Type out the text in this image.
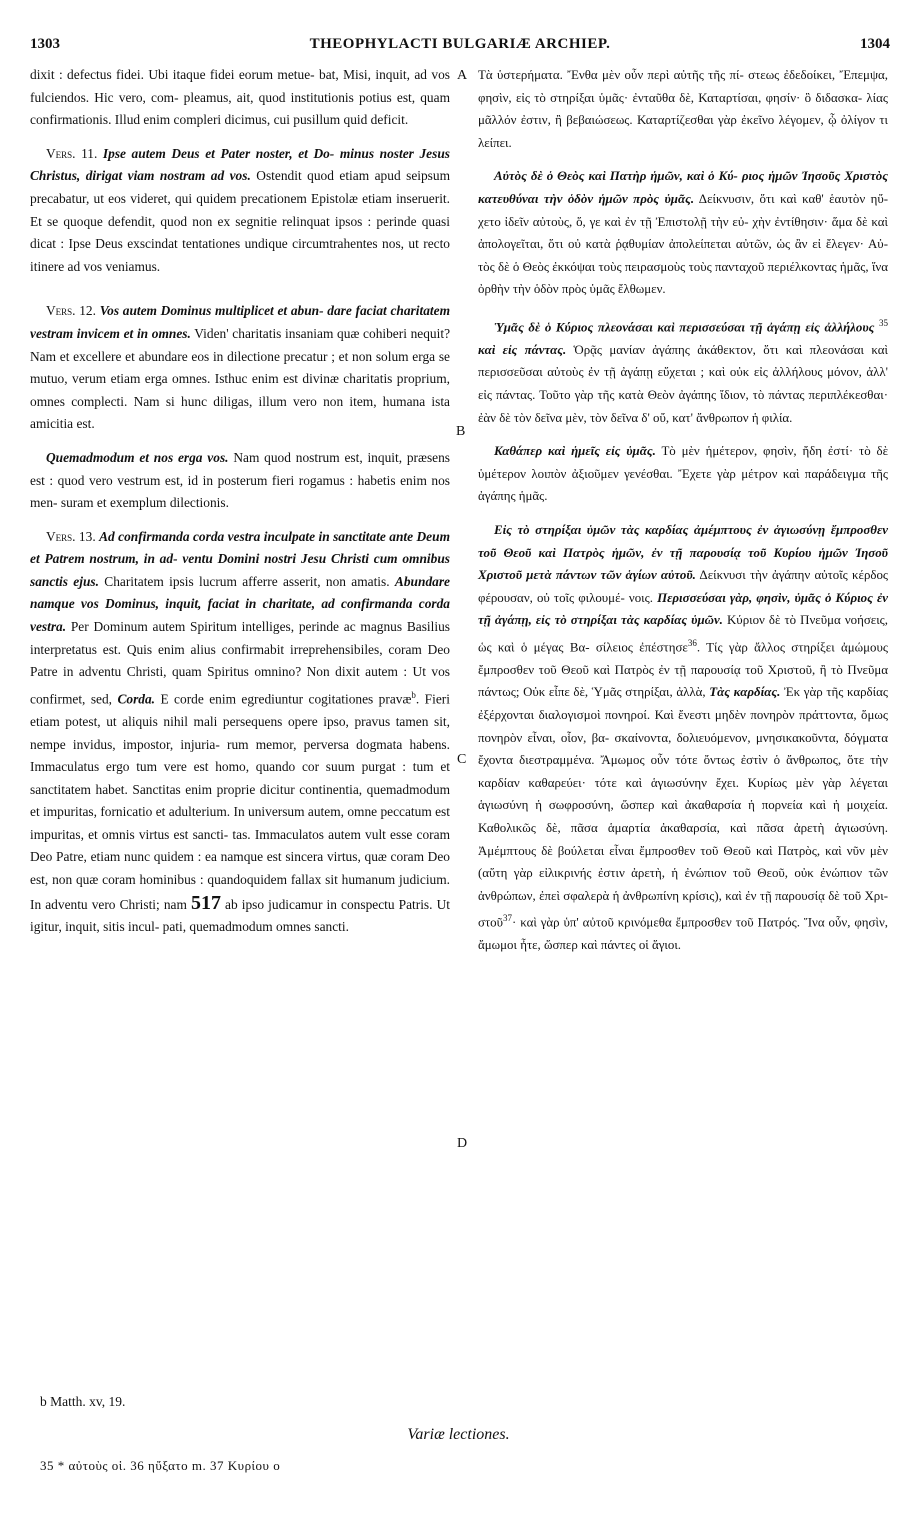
1303	THEOPHYLACTI BULGARIÆ ARCHIEP.	1304
A
B
C
D

dixit : defectus fidei. Ubi itaque fidei eorum metue- bat, Misi, inquit, ad vos fulciendos. Hic vero, com- pleamus, ait, quod institutionis potius est, quam confirmationis. Illud enim compleri dicimus, cui pusillum quid deficit.

Vers. 11. Ipse autem Deus et Pater noster, et Do- minus noster Jesus Christus, dirigat viam nostram ad vos. Ostendit quod etiam apud seipsum precabatur, ut eos videret, qui quidem precationem Epistolæ etiam inseruerit. Et se quoque defendit, quod non ex segnitie relinquat ipsos : perinde quasi dicat : Ipse Deus exscindat tentationes undique circumtrahentes nos, ut recto itinere ad vos veniamus.

Vers. 12. Vos autem Dominus multiplicet et abun- dare faciat charitatem vestram invicem et in omnes. Viden' charitatis insaniam quæ cohiberi nequit? Nam et excellere et abundare eos in dilectione precatur ; et non solum erga se mutuo, verum etiam erga omnes. Isthuc enim est divinæ charitatis proprium, omnes complecti. Nam si hunc diligas, illum vero non item, humana ista amicitia est.

Quemadmodum et nos erga vos. Nam quod nostrum est, inquit, præsens est : quod vero vestrum est, id in posterum fieri rogamus : habetis enim nos men- suram et exemplum dilectionis.

Vers. 13. Ad confirmanda corda vestra inculpate in sanctitate ante Deum et Patrem nostrum, in ad- ventu Domini nostri Jesu Christi cum omnibus sanctis ejus. Charitatem ipsis lucrum afferre asserit, non amatis. Abundare namque vos Dominus, inquit, faciat in charitate, ad confirmanda corda vestra. Per Dominum autem Spiritum intelliges, perinde ac magnus Basilius interpretatus est. Quis enim alius confirmabit irreprehensibiles, coram Deo Patre in adventu Christi, quam Spiritus omnino? Non dixit autem : Ut vos confirmet, sed, Corda. E corde enim egrediuntur cogitationes pravæ$^b$. Fieri etiam potest, ut aliquis nihil mali persequens opere ipso, pravus tamen sit, nempe invidus, impostor, injuria- rum memor, perversa dogmata habens. Immaculatus ergo tum vere est homo, quando cor suum purgat : tum et sanctitatem habet. Sanctitas enim proprie dicitur continentia, quemadmodum et impuritas, fornicatio et adulterium. In universum autem, omne peccatum est impuritas, et omnis virtus est sancti- tas. Immaculatos autem vult esse coram Deo Patre, etiam nunc quidem : ea namque est sincera virtus, quæ coram Deo est, non quæ coram hominibus : quandoquidem fallax sit humanum judicium. In adventu vero Christi; nam 517 ab ipso judicamur in conspectu Patris. Ut igitur, inquit, sitis incul- pati, quemadmodum omnes sancti.

Τὰ ὑστερήματα. Ἔνθα μὲν οὖν περὶ αὐτῆς τῆς πί- στεως ἐδεδοίκει, Ἔπεμψα, φησὶν, εἰς τὸ στηρίξαι ὑμᾶς· ἐνταῦθα δὲ, Καταρτίσαι, φησίν· ὃ διδασκα- λίας μᾶλλόν ἐστιν, ἢ βεβαιώσεως. Καταρτίζεσθαι γὰρ ἐκεῖνο λέγομεν, ᾧ ὀλίγον τι λείπει.

Αὐτὸς δὲ ὁ Θεὸς καὶ Πατὴρ ἡμῶν, καὶ ὁ Κύ- ριος ἡμῶν Ἰησοῦς Χριστὸς κατευθύναι τὴν ὁδὸν ἡμῶν πρὸς ὑμᾶς. Δείκνυσιν, ὅτι καὶ καθ' ἑαυτὸν ηὔ- χετο ἰδεῖν αὐτοὺς, ὅ, γε καὶ ἐν τῇ Ἐπιστολῇ τὴν εὐ- χὴν ἐντίθησιν· ἅμα δὲ καὶ ἀπολογεῖται, ὅτι οὐ κατὰ ῥᾳθυμίαν ἀπολείπεται αὐτῶν, ὡς ἂν εἰ ἔλεγεν· Αὐ- τὸς δὲ ὁ Θεὸς ἐκκόψαι τοὺς πειρασμοὺς τοὺς πανταχοῦ περιέλκοντας ἡμᾶς, ἵνα ὀρθὴν τὴν ὁδὸν πρὸς ὑμᾶς ἔλθωμεν.

Ὑμᾶς δὲ ὁ Κύριος πλεονάσαι καὶ περισσεύσαι τῇ ἀγάπῃ εἰς ἀλλήλους $^{35}$ καὶ εἰς πάντας. Ὁρᾷς μανίαν ἀγάπης ἀκάθεκτον, ὅτι καὶ πλεονάσαι καὶ περισσεῦσαι αὐτοὺς ἐν τῇ ἀγάπῃ εὔχεται ; καὶ οὐκ εἰς ἀλλήλους μόνον, ἀλλ' εἰς πάντας. Τοῦτο γὰρ τῆς κατὰ Θεὸν ἀγάπης ἴδιον, τὸ πάντας περιπλέκεσθαι· ἐὰν δὲ τὸν δεῖνα μὲν, τὸν δεῖνα δ' οὔ, κατ' ἄνθρωπον ἡ φιλία.

Καθάπερ καὶ ἡμεῖς εἰς ὑμᾶς. Τὸ μὲν ἡμέτερον, φησὶν, ἤδη ἐστί· τὸ δὲ ὑμέτερον λοιπὸν ἀξιοῦμεν γενέσθαι. Ἔχετε γὰρ μέτρον καὶ παράδειγμα τῆς ἀγάπης ἡμᾶς.

Εἰς τὸ στηρίξαι ὑμῶν τὰς καρδίας ἀμέμπτους ἐν ἁγιωσύνῃ ἔμπροσθεν τοῦ Θεοῦ καὶ Πατρὸς ἡμῶν, ἐν τῇ παρουσίᾳ τοῦ Κυρίου ἡμῶν Ἰησοῦ Χριστοῦ μετὰ πάντων τῶν ἁγίων αὐτοῦ. Δείκνυσι τὴν ἀγάπην αὐτοῖς κέρδος φέρουσαν, οὐ τοῖς φιλουμέ- νοις. Περισσεύσαι γὰρ, φησὶν, ὑμᾶς ὁ Κύριος ἐν τῇ ἀγάπῃ, εἰς τὸ στηρίξαι τὰς καρδίας ὑμῶν. Κύριον δὲ τὸ Πνεῦμα νοήσεις, ὡς καὶ ὁ μέγας Βα- σίλειος ἐπέστησε$^{36}$. Τίς γὰρ ἄλλος στηρίξει ἀμώμους ἔμπροσθεν τοῦ Θεοῦ καὶ Πατρὸς ἐν τῇ παρουσίᾳ τοῦ Χριστοῦ, ἢ τὸ Πνεῦμα πάντως; Οὐκ εἶπε δὲ, Ὑμᾶς στηρίξαι, ἀλλὰ, Τὰς καρδίας. Ἐκ γὰρ τῆς καρδίας ἐξέρχονται διαλογισμοὶ πονηροί. Καὶ ἔνεστι μηδὲν πονηρὸν πράττοντα, ὅμως πονηρὸν εἶναι, οἷον, βα- σκαίνοντα, δολιευόμενον, μνησικακοῦντα, δόγματα ἔχοντα διεστραμμένα. Ἄμωμος οὖν τότε ὄντως ἐστὶν ὁ ἄνθρωπος, ὅτε τὴν καρδίαν καθαρεύει· τότε καὶ ἁγιωσύνην ἔχει. Κυρίως μὲν γὰρ λέγεται ἁγιωσύνη ἡ σωφροσύνη, ὥσπερ καὶ ἀκαθαρσία ἡ πορνεία καὶ ἡ μοιχεία. Καθολικῶς δὲ, πᾶσα ἁμαρτία ἀκαθαρσία, καὶ πᾶσα ἀρετὴ ἁγιωσύνη. Ἀμέμπτους δὲ βούλεται εἶναι ἔμπροσθεν τοῦ Θεοῦ καὶ Πατρὸς, καὶ νῦν μὲν (αὕτη γὰρ εἰλικρινής ἐστιν ἀρετὴ, ἡ ἐνώπιον τοῦ Θεοῦ, οὐκ ἐνώπιον τῶν ἀνθρώπων, ἐπεὶ σφαλερὰ ἡ ἀνθρωπίνη κρίσις), καὶ ἐν τῇ παρουσίᾳ δὲ τοῦ Χρι- στοῦ$^{37}$· καὶ γὰρ ὑπ' αὐτοῦ κρινόμεθα ἔμπροσθεν τοῦ Πατρός. Ἵνα οὖν, φησὶν, ἄμωμοι ἦτε, ὥσπερ καὶ πάντες οἱ ἅγιοι.

b Matth. xv, 19.
Variæ lectiones.
35 * αὐτοὺς οἱ. 36 ηὔξατο m. 37 Κυρίου ο
